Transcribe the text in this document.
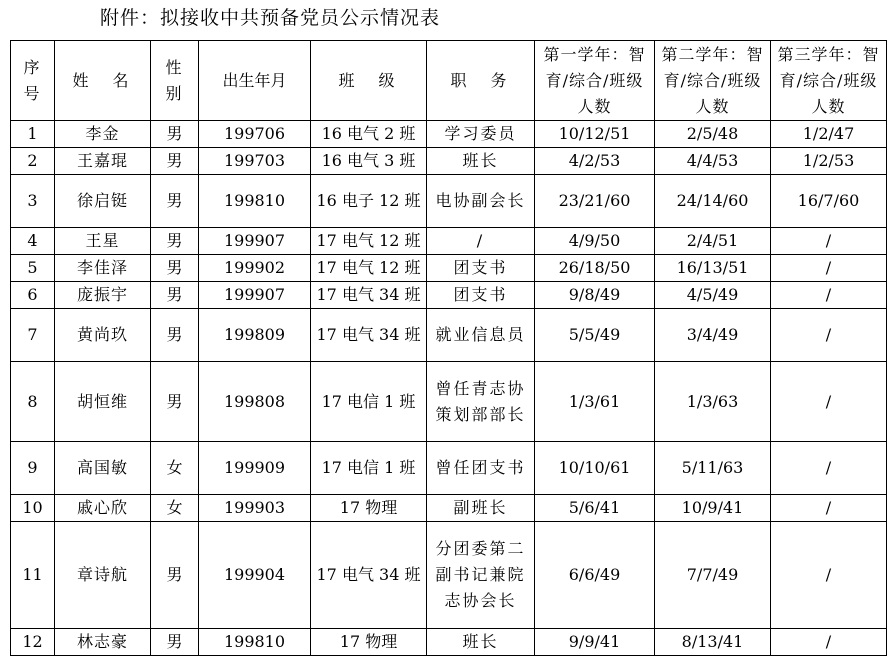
附件：拟接收中共预备党员公示情况表
序号	姓　名	性别	出生年月	班　级	职　务	第一学年：智育/综合/班级人数	第二学年：智育/综合/班级人数	第三学年：智育/综合/班级人数

1	李金	男	199706	16 电气 2 班	学习委员	10/12/51	2/5/48	1/2/47
2	王嘉琨	男	199703	16 电气 3 班	班长	4/2/53	4/4/53	1/2/53
3	徐启铤	男	199810	16 电子 12 班	电协副会长	23/21/60	24/14/60	16/7/60
4	王星	男	199907	17 电气 12 班	/	4/9/50	2/4/51	/
5	李佳泽	男	199902	17 电气 12 班	团支书	26/18/50	16/13/51	/
6	庞振宇	男	199907	17 电气 34 班	团支书	9/8/49	4/5/49	/
7	黄尚玖	男	199809	17 电气 34 班	就业信息员	5/5/49	3/4/49	/
8	胡恒维	男	199808	17 电信 1 班	曾任青志协策划部部长	1/3/61	1/3/63	/
9	高国敏	女	199909	17 电信 1 班	曾任团支书	10/10/61	5/11/63	/
10	戚心欣	女	199903	17 物理	副班长	5/6/41	10/9/41	/
11	章诗航	男	199904	17 电气 34 班	分团委第二副书记兼院志协会长	6/6/49	7/7/49	/
12	林志豪	男	199810	17 物理	班长	9/9/41	8/13/41	/
